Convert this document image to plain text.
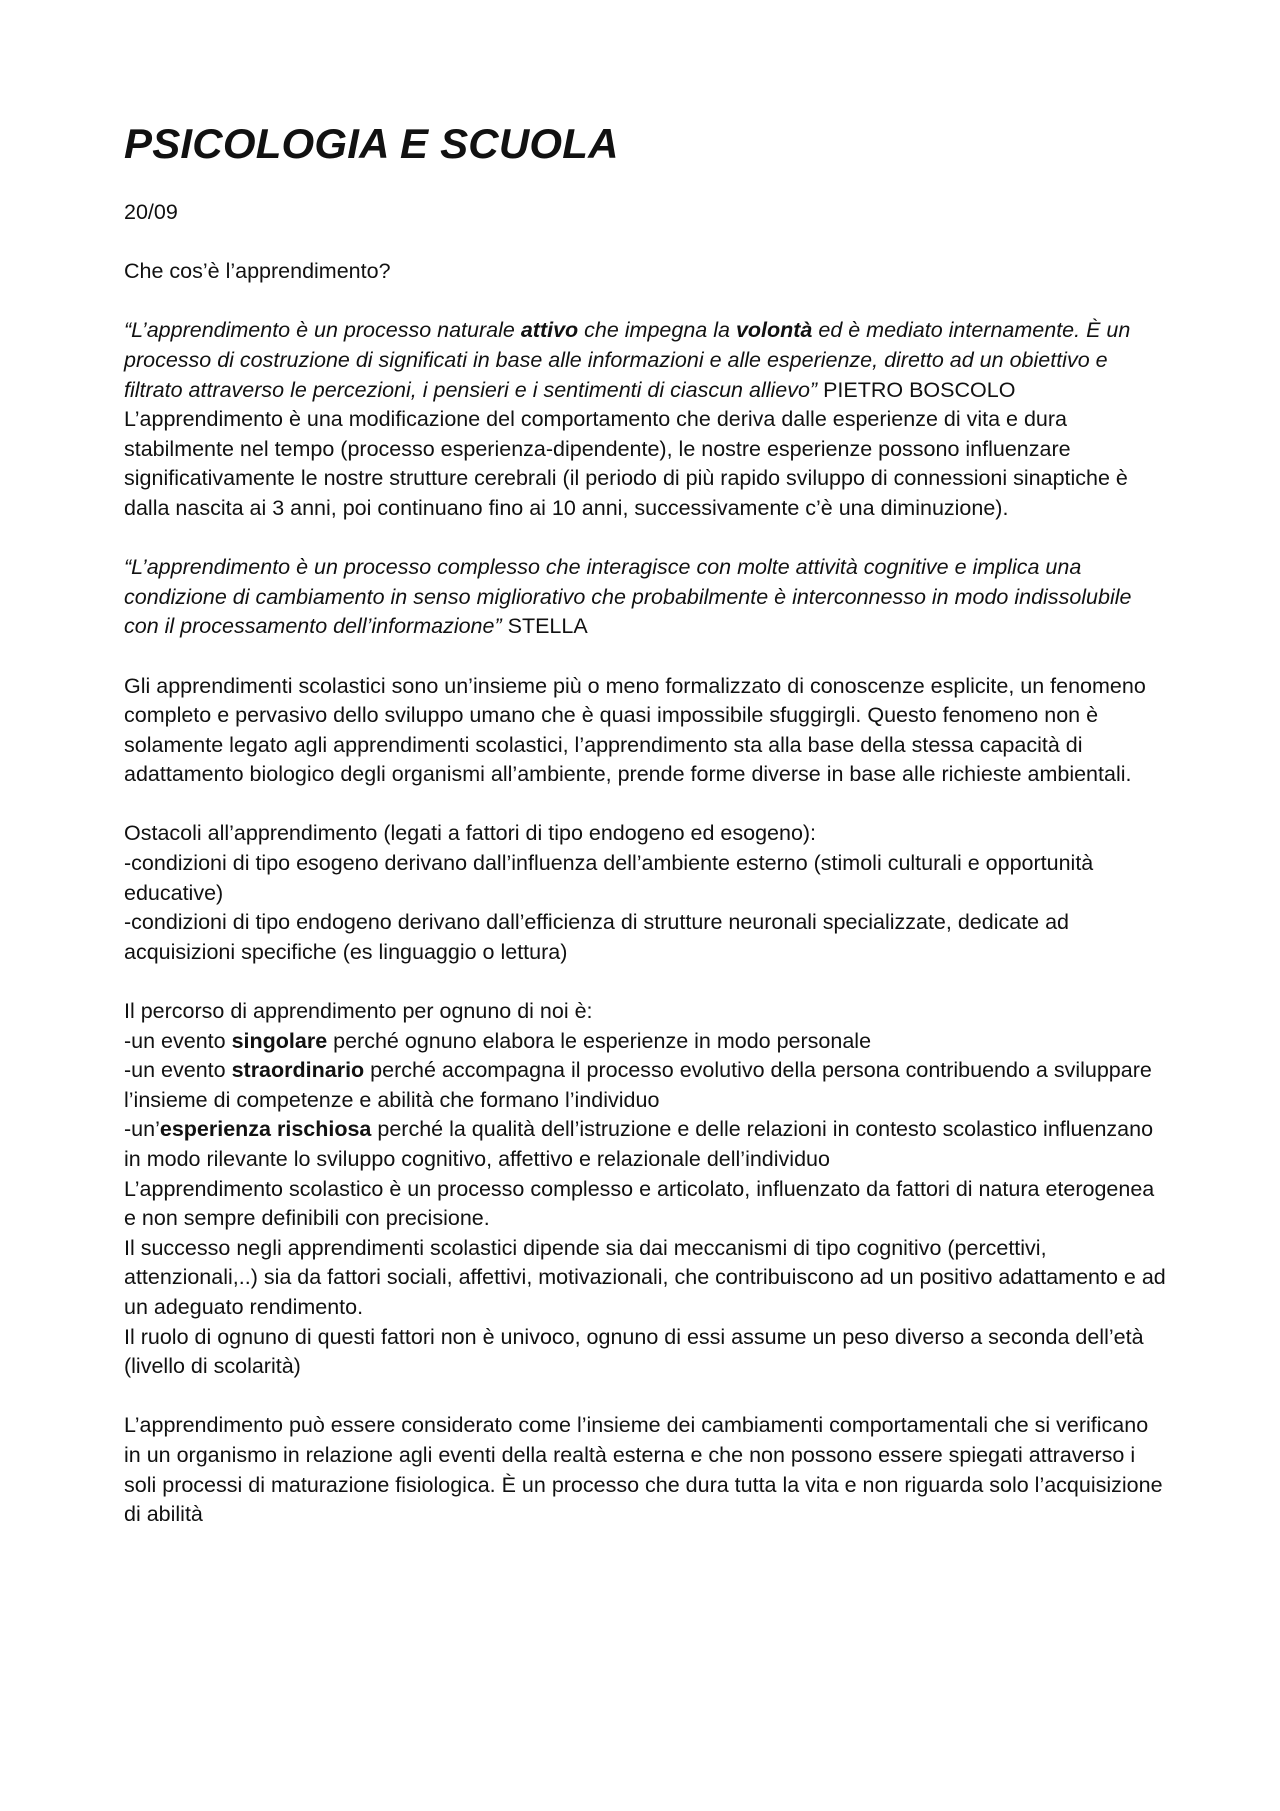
PSICOLOGIA E SCUOLA

20/09

Che cos’è l’apprendimento?

“L’apprendimento è un processo naturale attivo che impegna la volontà ed è mediato internamente. È un processo di costruzione di significati in base alle informazioni e alle esperienze, diretto ad un obiettivo e filtrato attraverso le percezioni, i pensieri e i sentimenti di ciascun allievo” PIETRO BOSCOLO

L’apprendimento è una modificazione del comportamento che deriva dalle esperienze di vita e dura stabilmente nel tempo (processo esperienza-dipendente), le nostre esperienze possono influenzare significativamente le nostre strutture cerebrali (il periodo di più rapido sviluppo di connessioni sinaptiche è dalla nascita ai 3 anni, poi continuano fino ai 10 anni, successivamente c’è una diminuzione).

“L’apprendimento è un processo complesso che interagisce con molte attività cognitive e implica una condizione di cambiamento in senso migliorativo che probabilmente è interconnesso in modo indissolubile con il processamento dell’informazione” STELLA

Gli apprendimenti scolastici sono un’insieme più o meno formalizzato di conoscenze esplicite, un fenomeno completo e pervasivo dello sviluppo umano che è quasi impossibile sfuggirgli. Questo fenomeno non è solamente legato agli apprendimenti scolastici, l’apprendimento sta alla base della stessa capacità di adattamento biologico degli organismi all’ambiente, prende forme diverse in base alle richieste ambientali.

Ostacoli all’apprendimento (legati a fattori di tipo endogeno ed esogeno):

-condizioni di tipo esogeno derivano dall’influenza dell’ambiente esterno (stimoli culturali e opportunità educative)

-condizioni di tipo endogeno derivano dall’efficienza di strutture neuronali specializzate, dedicate ad acquisizioni specifiche (es linguaggio o lettura)

Il percorso di apprendimento per ognuno di noi è:

-un evento singolare perché ognuno elabora le esperienze in modo personale

-un evento straordinario perché accompagna il processo evolutivo della persona contribuendo a sviluppare l’insieme di competenze e abilità che formano l’individuo

-un’esperienza rischiosa perché la qualità dell’istruzione e delle relazioni in contesto scolastico influenzano in modo rilevante lo sviluppo cognitivo, affettivo e relazionale dell’individuo

L’apprendimento scolastico è un processo complesso e articolato, influenzato da fattori di natura eterogenea e non sempre definibili con precisione.

Il successo negli apprendimenti scolastici dipende sia dai meccanismi di tipo cognitivo (percettivi, attenzionali,..) sia da fattori sociali, affettivi, motivazionali, che contribuiscono ad un positivo adattamento e ad un adeguato rendimento.

Il ruolo di ognuno di questi fattori non è univoco, ognuno di essi assume un peso diverso a seconda dell’età (livello di scolarità)

L’apprendimento può essere considerato come l’insieme dei cambiamenti comportamentali che si verificano in un organismo in relazione agli eventi della realtà esterna e che non possono essere spiegati attraverso i soli processi di maturazione fisiologica. È un processo che dura tutta la vita e non riguarda solo l’acquisizione di abilità
